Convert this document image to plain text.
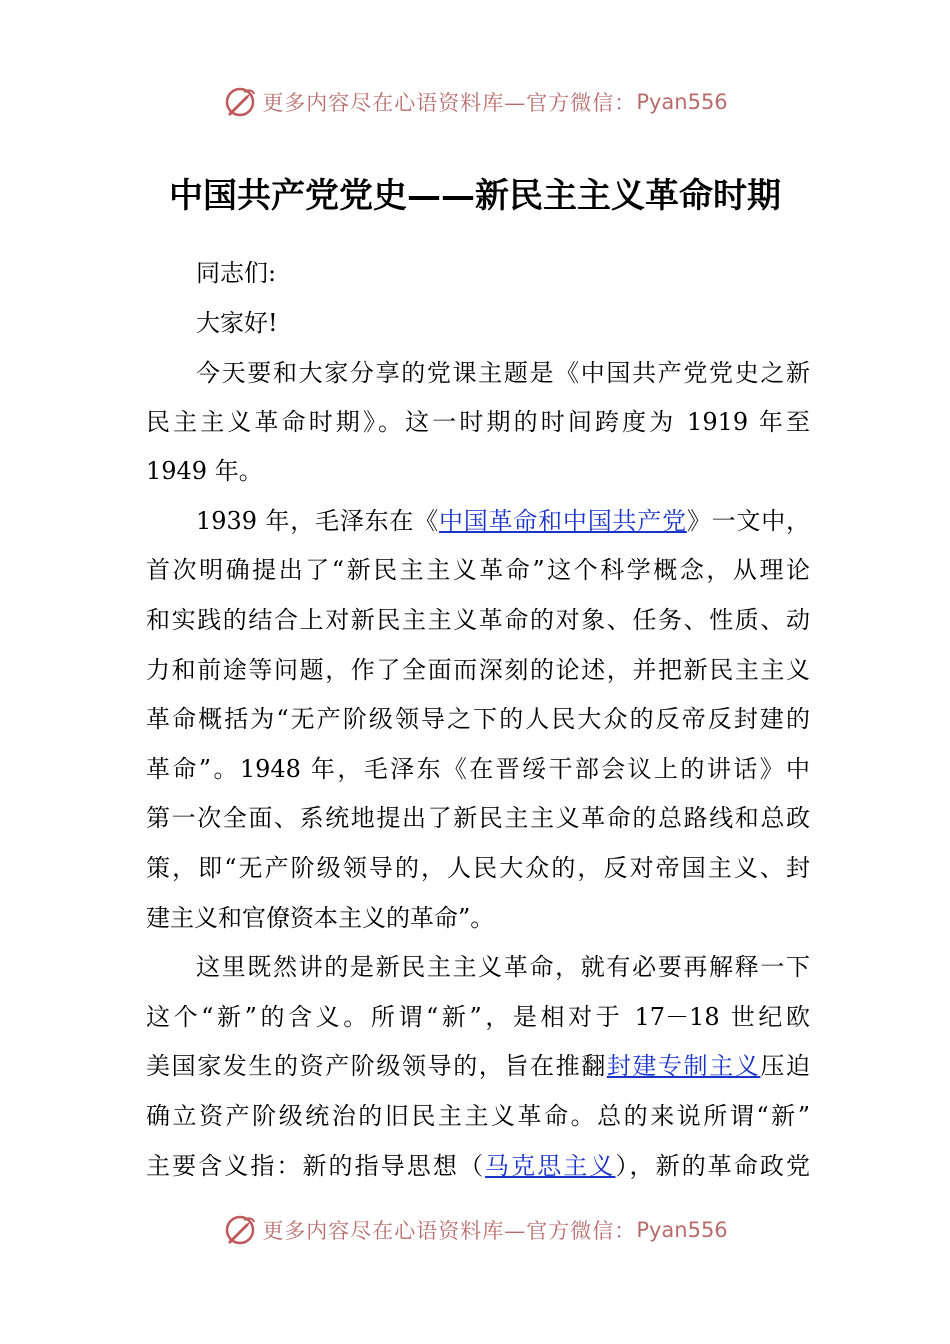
更多内容尽在心语资料库—官方微信： Pyan556
中国共产党党史——新民主主义革命时期
同志们:
大家好!
今天要和大家分享的党课主题是《中国共产党党史之新
民主主义革命时期》。这一时期的时间跨度为 1919 年至
1949 年。
1939 年，毛泽东在《中国革命和中国共产党》一文中，
首次明确提出了“新民主主义革命”这个科学概念，从理论
和实践的结合上对新民主主义革命的对象、任务、性质、动
力和前途等问题，作了全面而深刻的论述，并把新民主主义
革命概括为“无产阶级领导之下的人民大众的反帝反封建的
革命”。1948 年，毛泽东《在晋绥干部会议上的讲话》中
第一次全面、系统地提出了新民主主义革命的总路线和总政
策，即“无产阶级领导的，人民大众的，反对帝国主义、封
建主义和官僚资本主义的革命”。
这里既然讲的是新民主主义革命，就有必要再解释一下
这个“新”的含义。所谓“新”，是相对于 17－18 世纪欧
美国家发生的资产阶级领导的，旨在推翻封建专制主义压迫
确立资产阶级统治的旧民主主义革命。总的来说所谓“新”
主要含义指：新的指导思想（马克思主义），新的革命政党
更多内容尽在心语资料库—官方微信： Pyan556
